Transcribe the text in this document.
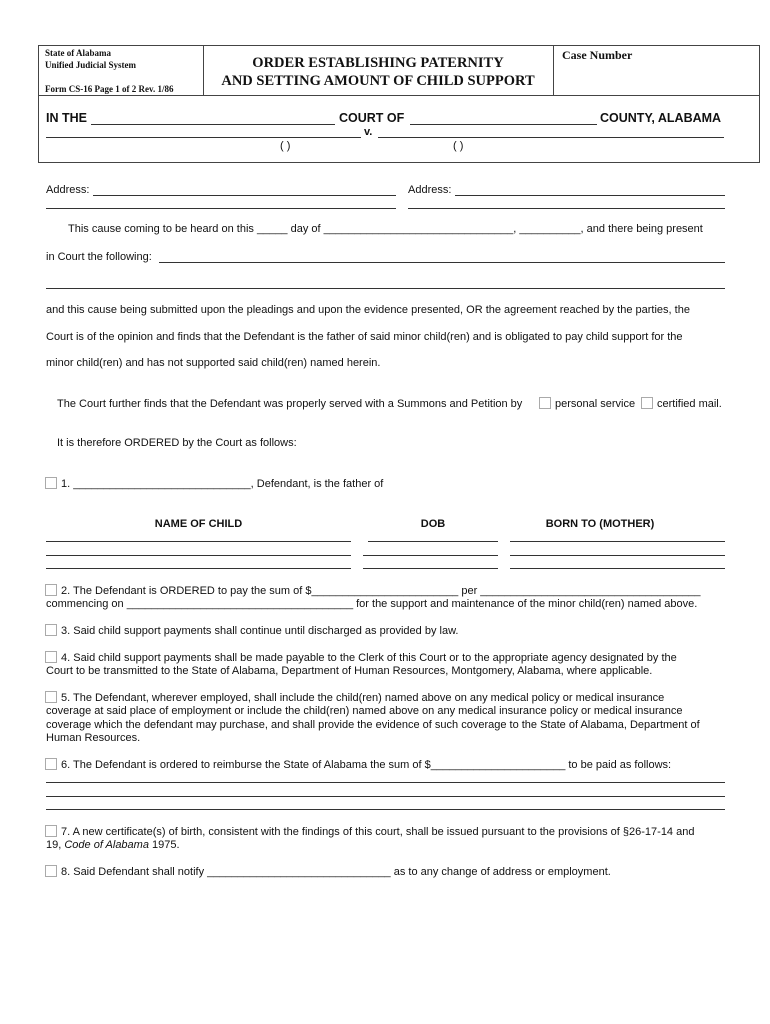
State of Alabama
Unified Judicial System
Form CS-16 Page 1 of 2 Rev. 1/86
ORDER ESTABLISHING PATERNITY
AND SETTING AMOUNT OF CHILD SUPPORT
Case Number
IN THE	COURT OF	COUNTY, ALABAMA
v.
( )	( )
Address:	Address:
This cause coming to be heard on this _____ day of _______________________________, __________, and there being present
in Court the following:
and this cause being submitted upon the pleadings and upon the evidence presented, OR the agreement reached by the parties, the
Court is of the opinion and finds that the Defendant is the father of said minor child(ren) and is obligated to pay child support for the
minor child(ren) and has not supported said child(ren) named herein.
The Court further finds that the Defendant was properly served with a Summons and Petition by	personal service certified mail.
It is therefore ORDERED by the Court as follows:
1. _____________________________, Defendant, is the father of
NAME OF CHILD	DOB	BORN TO (MOTHER)
2. The Defendant is ORDERED to pay the sum of $________________________ per ____________________________________
commencing on _____________________________________ for the support and maintenance of the minor child(ren) named above.
3. Said child support payments shall continue until discharged as provided by law.
4. Said child support payments shall be made payable to the Clerk of this Court or to the appropriate agency designated by the
Court to be transmitted to the State of Alabama, Department of Human Resources, Montgomery, Alabama, where applicable.
5. The Defendant, wherever employed, shall include the child(ren) named above on any medical policy or medical insurance
coverage at said place of employment or include the child(ren) named above on any medical insurance policy or medical insurance
coverage which the defendant may purchase, and shall provide the evidence of such coverage to the State of Alabama, Department of
Human Resources.
6. The Defendant is ordered to reimburse the State of Alabama the sum of $______________________ to be paid as follows:
7. A new certificate(s) of birth, consistent with the findings of this court, shall be issued pursuant to the provisions of §26-17-14 and
19, Code of Alabama 1975.
8. Said Defendant shall notify ______________________________ as to any change of address or employment.
